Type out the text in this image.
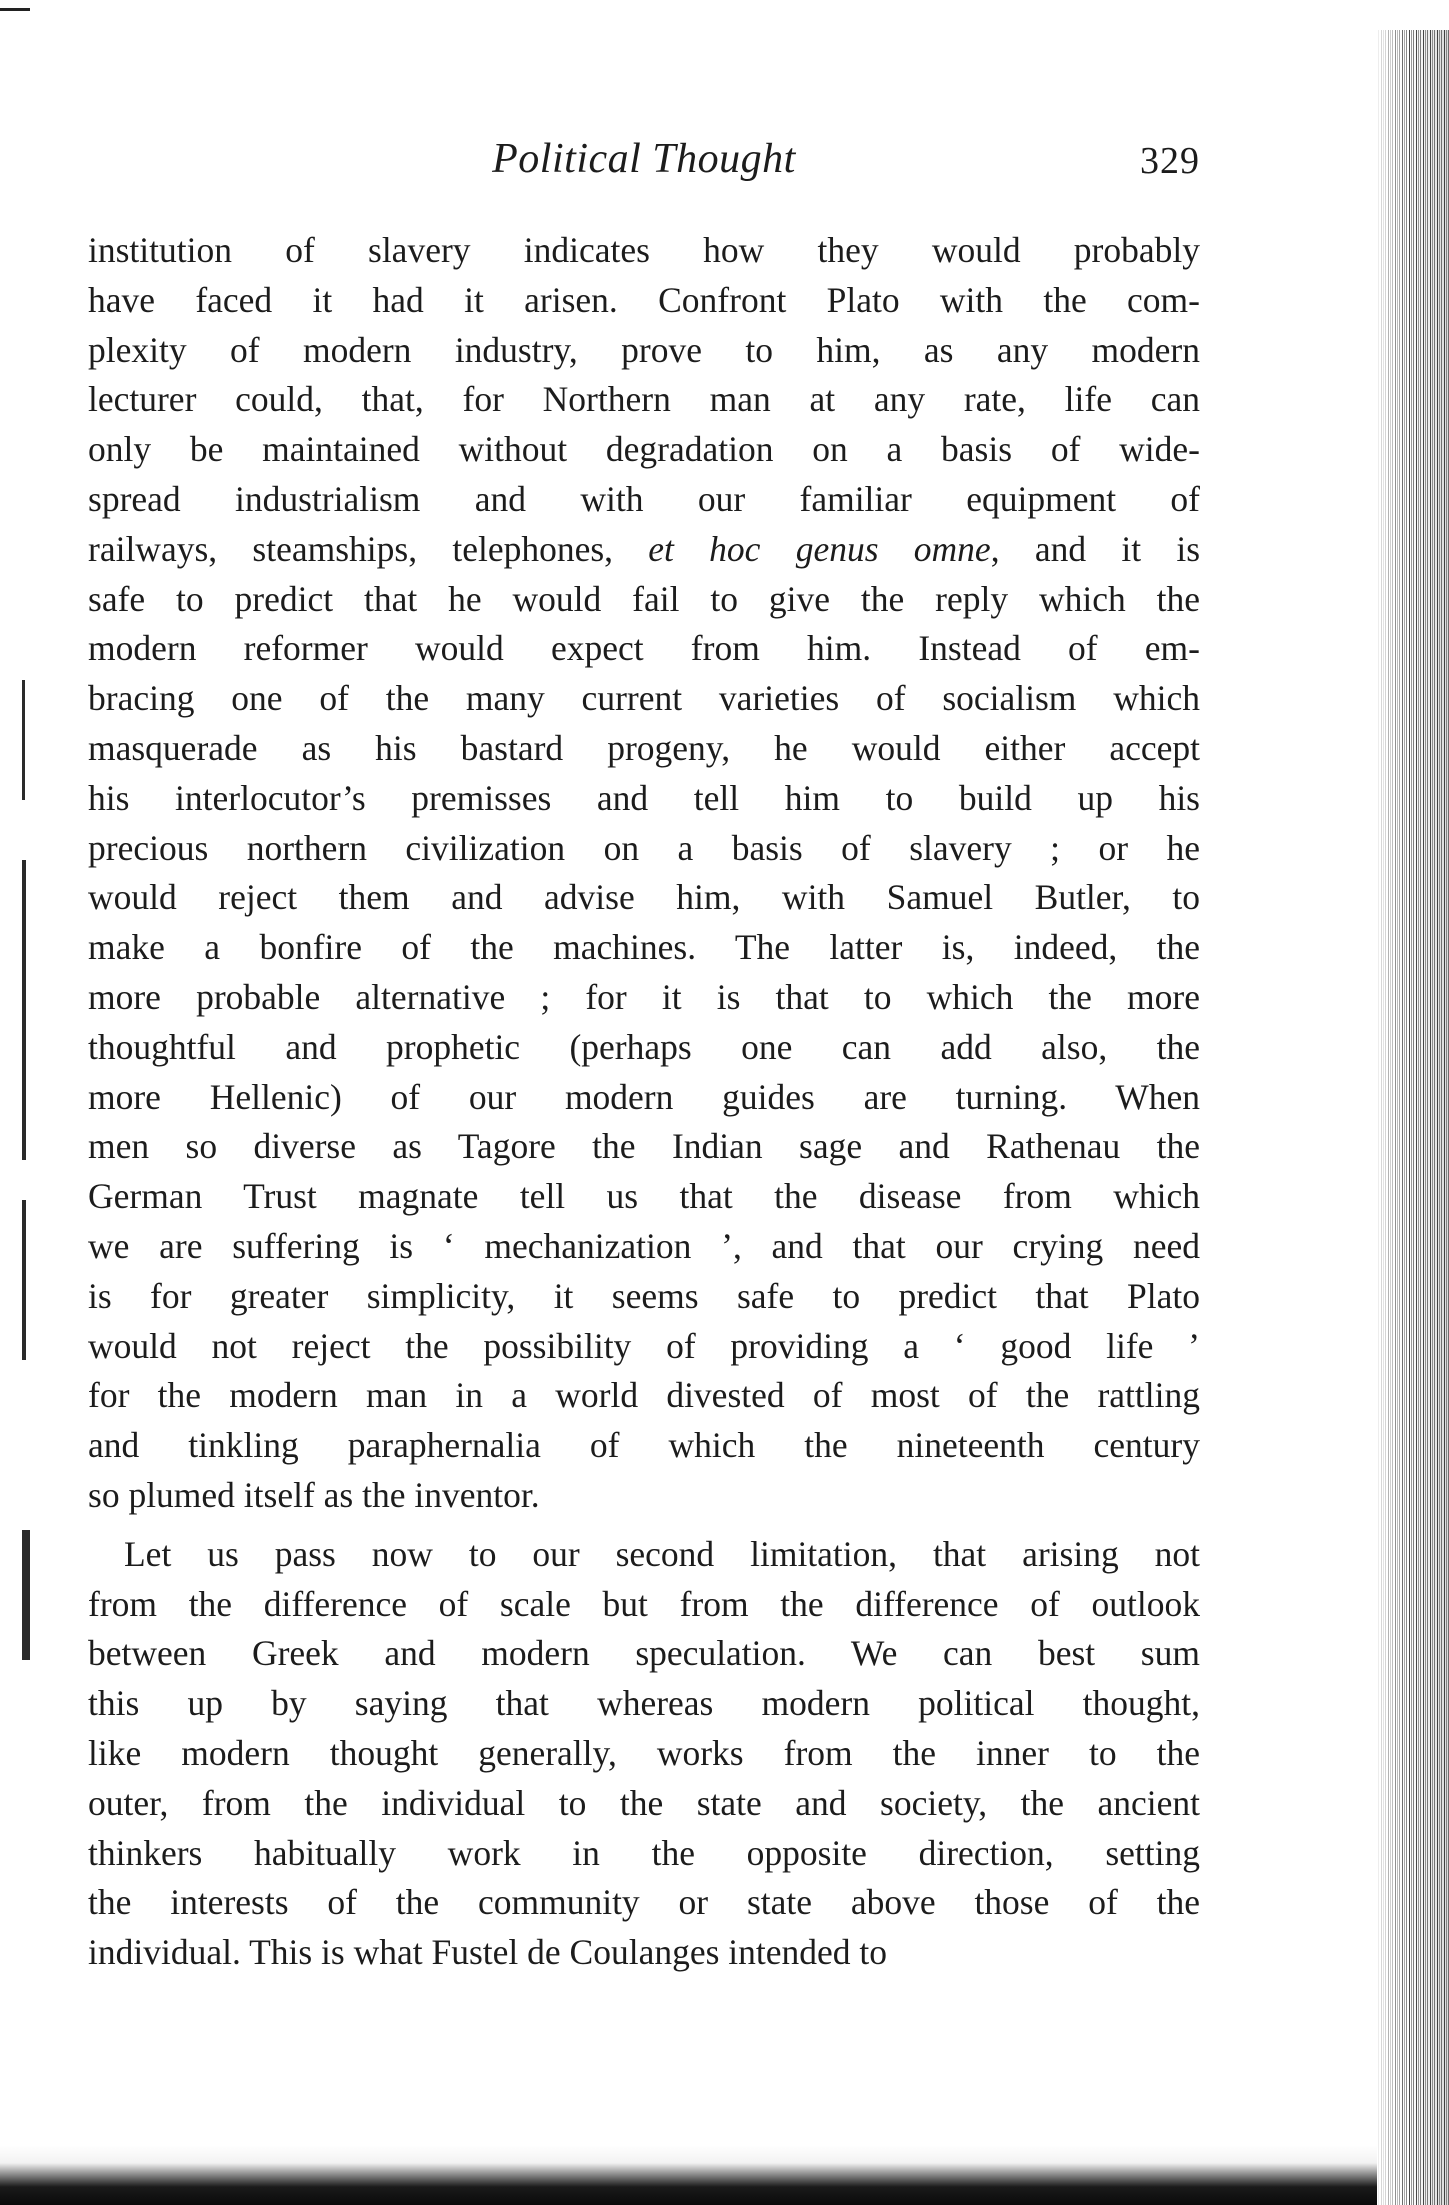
Political Thought	329
institution of slavery indicates how they would probably
have faced it had it arisen. Confront Plato with the com-
plexity of modern industry, prove to him, as any modern
lecturer could, that, for Northern man at any rate, life can
only be maintained without degradation on a basis of wide-
spread industrialism and with our familiar equipment of
railways, steamships, telephones, et hoc genus omne, and it is
safe to predict that he would fail to give the reply which the
modern reformer would expect from him. Instead of em-
bracing one of the many current varieties of socialism which
masquerade as his bastard progeny, he would either accept
his interlocutor’s premisses and tell him to build up his
precious northern civilization on a basis of slavery ; or he
would reject them and advise him, with Samuel Butler, to
make a bonfire of the machines. The latter is, indeed, the
more probable alternative ; for it is that to which the more
thoughtful and prophetic (perhaps one can add also, the
more Hellenic) of our modern guides are turning. When
men so diverse as Tagore the Indian sage and Rathenau the
German Trust magnate tell us that the disease from which
we are suffering is ‘ mechanization ’, and that our crying need
is for greater simplicity, it seems safe to predict that Plato
would not reject the possibility of providing a ‘ good life ’
for the modern man in a world divested of most of the rattling
and tinkling paraphernalia of which the nineteenth century
so plumed itself as the inventor.
Let us pass now to our second limitation, that arising not
from the difference of scale but from the difference of outlook
between Greek and modern speculation. We can best sum
this up by saying that whereas modern political thought,
like modern thought generally, works from the inner to the
outer, from the individual to the state and society, the ancient
thinkers habitually work in the opposite direction, setting
the interests of the community or state above those of the
individual. This is what Fustel de Coulanges intended to
